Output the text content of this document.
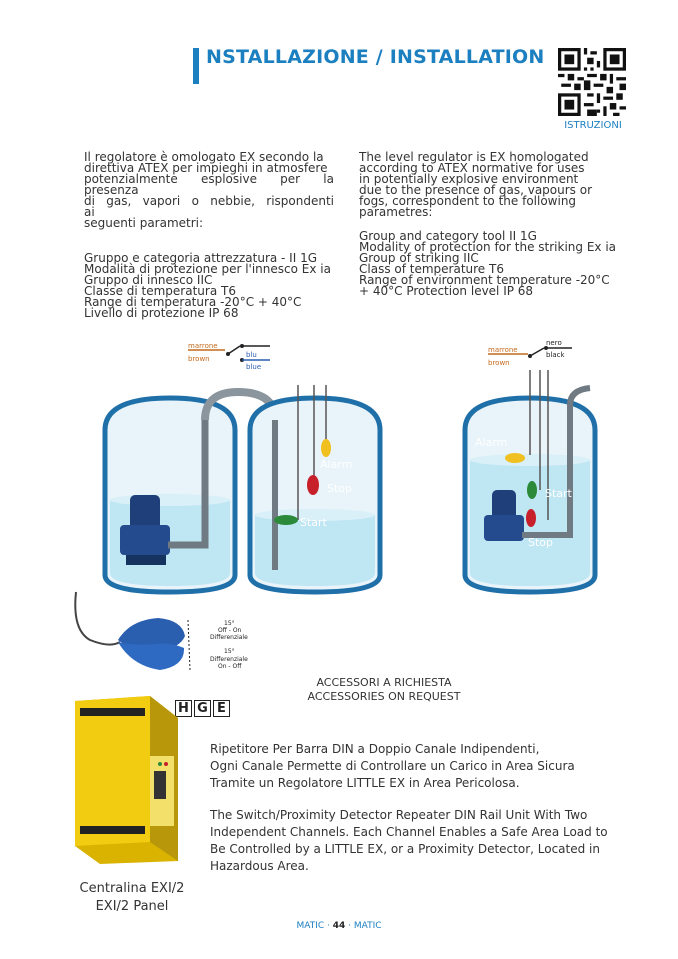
NSTALLAZIONE / INSTALLATION
ISTRUZIONI

Il regolatore è omologato EX secondo la

direttiva ATEX per impieghi in atmosfere

potenzialmente esplosive per la presenza

di gas, vapori o nebbie, rispondenti ai

seguenti parametri:

Gruppo e categoria attrezzatura - II 1G

Modalità di protezione per l'innesco Ex ia

Gruppo di innesco IIC

Classe di temperatura T6

Range di temperatura -20°C + 40°C

Livello di protezione IP 68

The level regulator is EX homologated

according to ATEX normative for uses

in potentially explosive environment

due to the presence of gas, vapours or

fogs, correspondent to the following

parametres:

Group and category tool II 1G

Modality of protection for the striking Ex ia

Group of striking IIC

Class of temperature T6

Range of environment temperature -20°C

+ 40°C Protection level IP 68

marrone
brown	blu
blue
Alarm
Stop
Start
marrone
brown
nero
black
Alarm
Start
Stop
15°
Off - On
Differenziale
15°
Differenziale
On - Off
ACCESSORI A RICHIESTA
ACCESSORIES ON REQUEST
H G E
Ripetitore Per Barra DIN a Doppio Canale Indipendenti,
Ogni Canale Permette di Controllare un Carico in Area Sicura
Tramite un Regolatore LITTLE EX in Area Pericolosa.
The Switch/Proximity Detector Repeater DIN Rail Unit With Two
Independent Channels. Each Channel Enables a Safe Area Load to
Be Controlled by a LITTLE EX, or a Proximity Detector, Located in
Hazardous Area.
Centralina EXI/2
EXI/2 Panel
MATIC · 44 · MATIC
